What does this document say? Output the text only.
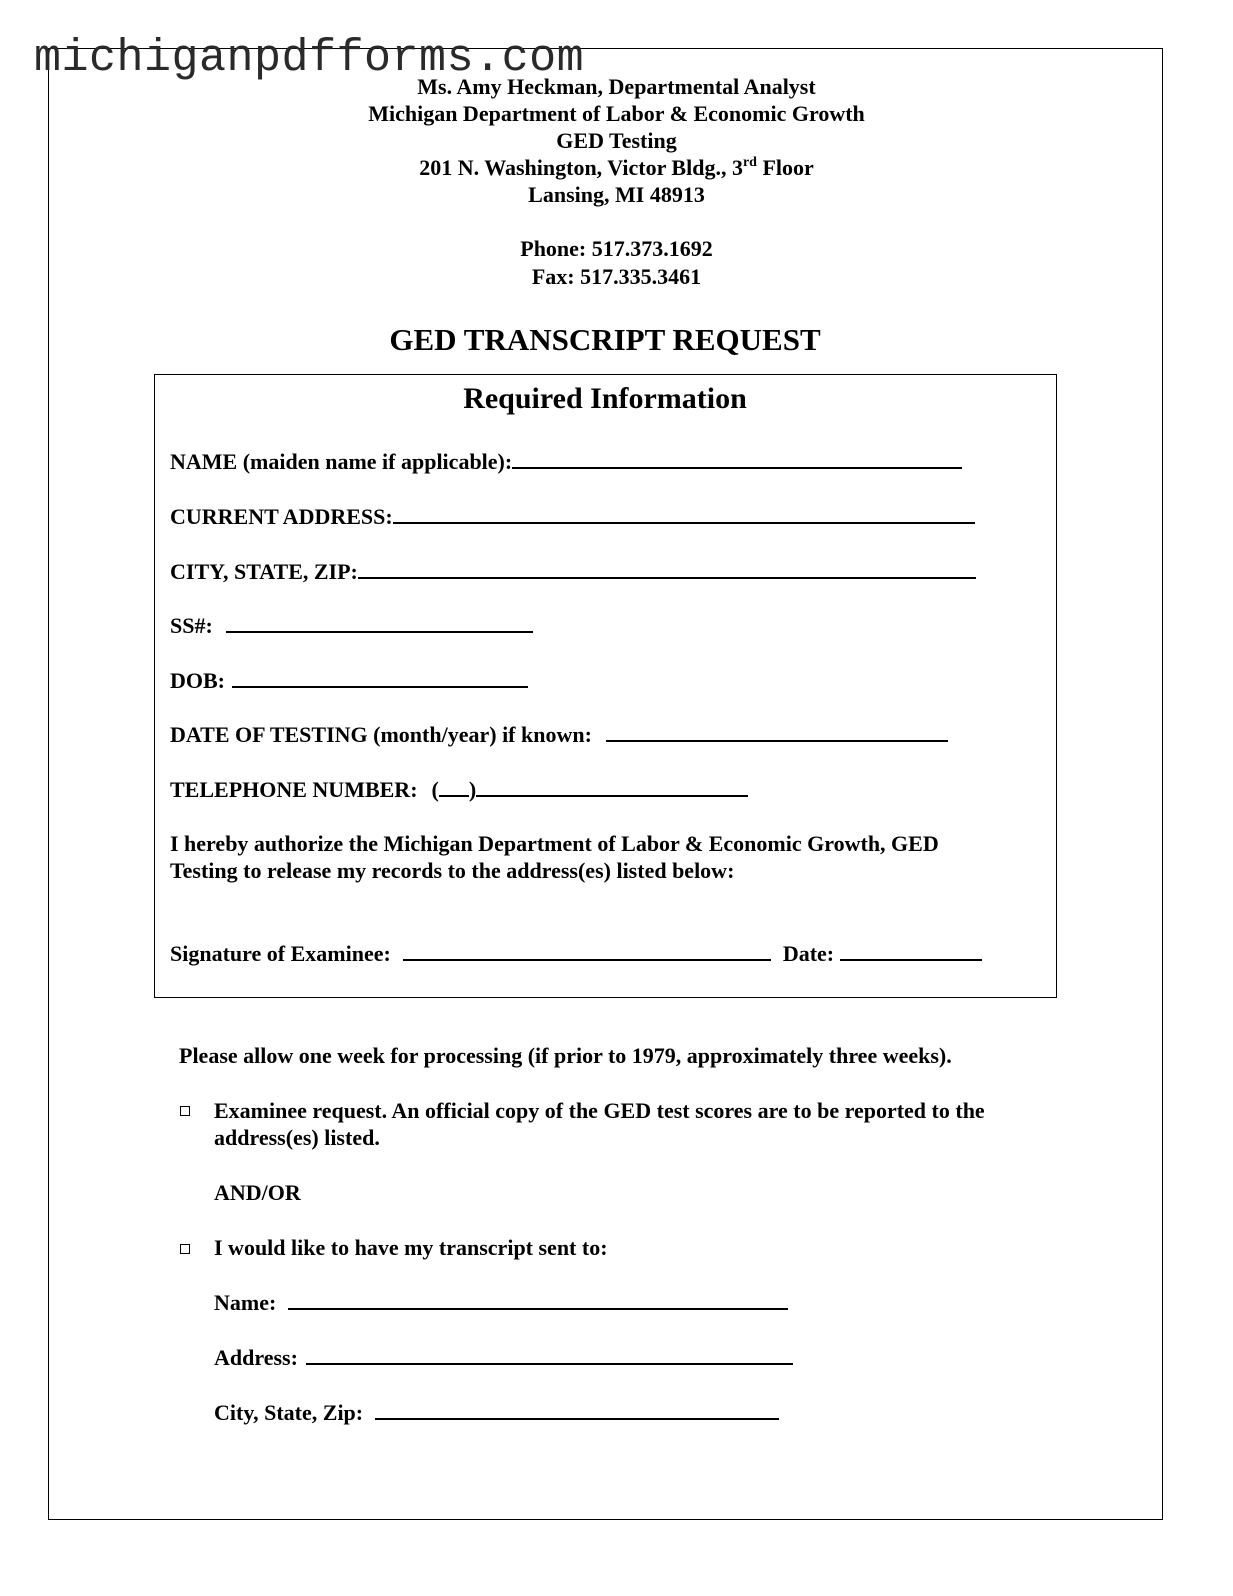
michiganpdfforms.com
Ms. Amy Heckman, Departmental Analyst
Michigan Department of Labor & Economic Growth
GED Testing
201 N. Washington, Victor Bldg., 3rd Floor
Lansing, MI 48913
Phone: 517.373.1692
Fax: 517.335.3461
GED TRANSCRIPT REQUEST
Required Information
NAME (maiden name if applicable):
CURRENT ADDRESS:
CITY, STATE, ZIP:
SS#:
DOB:
DATE OF TESTING (month/year) if known:
TELEPHONE NUMBER: ( )
I hereby authorize the Michigan Department of Labor & Economic Growth, GED
Testing to release my records to the address(es) listed below:
Signature of Examinee:	Date:
Please allow one week for processing (if prior to 1979, approximately three weeks).
Examinee request. An official copy of the GED test scores are to be reported to the
address(es) listed.
AND/OR
I would like to have my transcript sent to:
Name:
Address:
City, State, Zip:
